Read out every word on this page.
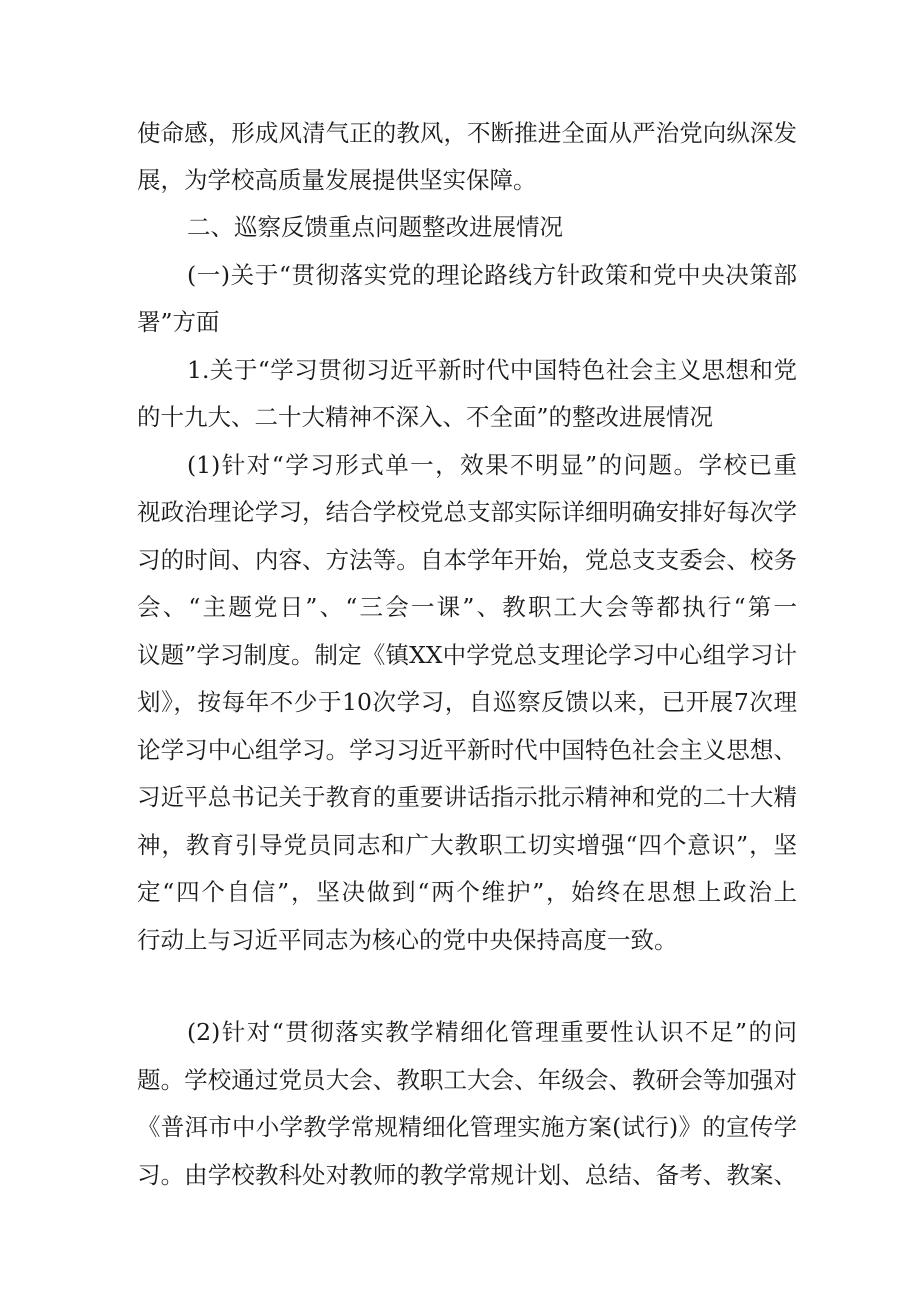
使命感，形成风清气正的教风，不断推进全面从严治党向纵深发
展，为学校高质量发展提供坚实保障。
二、巡察反馈重点问题整改进展情况
(一)关于“贯彻落实党的理论路线方针政策和党中央决策部
署”方面
1.关于“学习贯彻习近平新时代中国特色社会主义思想和党
的十九大、二十大精神不深入、不全面”的整改进展情况
(1)针对“学习形式单一，效果不明显”的问题。学校已重
视政治理论学习，结合学校党总支部实际详细明确安排好每次学
习的时间、内容、方法等。自本学年开始，党总支支委会、校务
会、“主题党日”、“三会一课”、教职工大会等都执行“第一
议题”学习制度。制定《镇XX中学党总支理论学习中心组学习计
划》，按每年不少于10次学习，自巡察反馈以来，已开展7次理
论学习中心组学习。学习习近平新时代中国特色社会主义思想、
习近平总书记关于教育的重要讲话指示批示精神和党的二十大精
神，教育引导党员同志和广大教职工切实增强“四个意识”，坚
定“四个自信”，坚决做到“两个维护”，始终在思想上政治上
行动上与习近平同志为核心的党中央保持高度一致。
(2)针对“贯彻落实教学精细化管理重要性认识不足”的问
题。学校通过党员大会、教职工大会、年级会、教研会等加强对
《普洱市中小学教学常规精细化管理实施方案(试行)》的宣传学
习。由学校教科处对教师的教学常规计划、总结、备考、教案、
